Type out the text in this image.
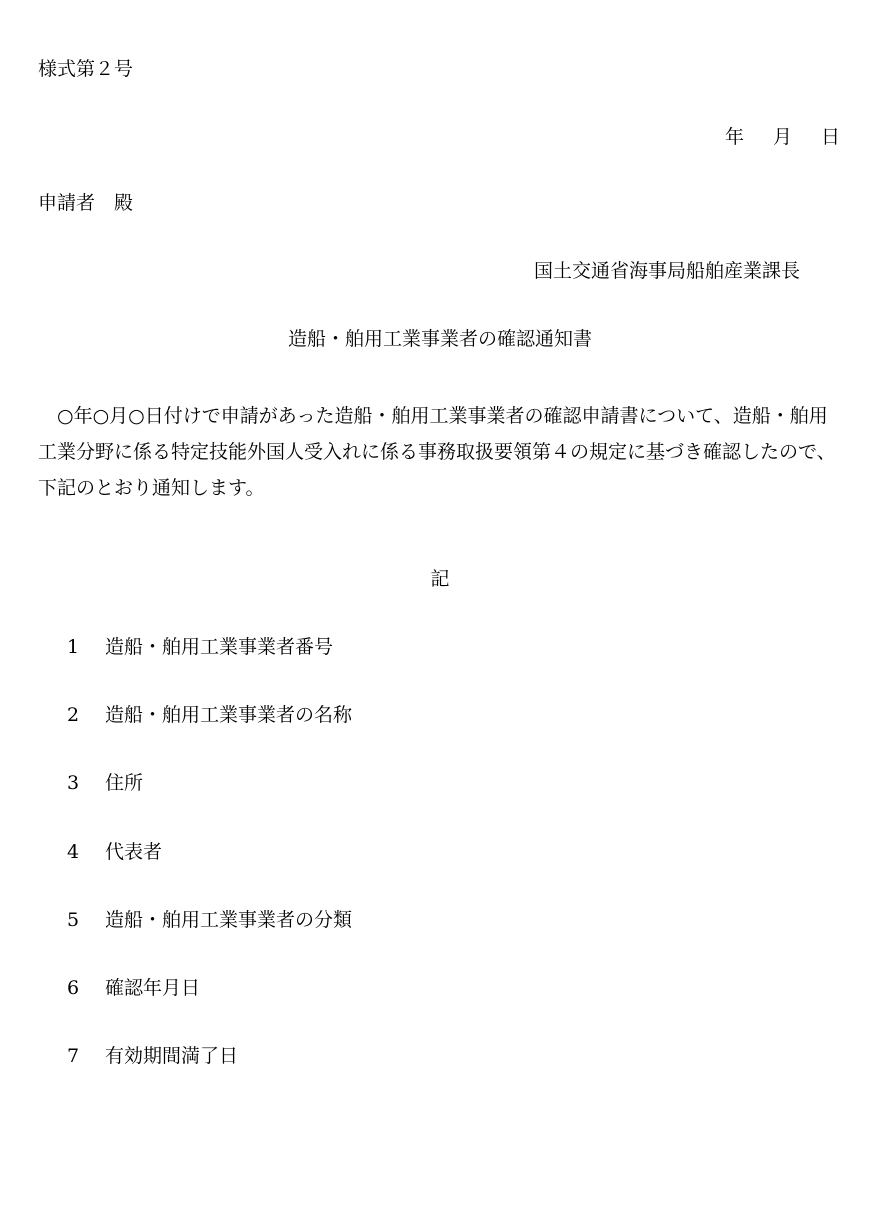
様式第２号
年 月 日
申請者　殿
国土交通省海事局船舶産業課長
造船・舶用工業事業者の確認通知書
○年○月○日付けで申請があった造船・舶用工業事業者の確認申請書について、造船・舶用工業分野に係る特定技能外国人受入れに係る事務取扱要領第４の規定に基づき確認したので、下記のとおり通知します。
記
1 造船・舶用工業事業者番号
2 造船・舶用工業事業者の名称
3 住所
4 代表者
5 造船・舶用工業事業者の分類
6 確認年月日
7 有効期間満了日
